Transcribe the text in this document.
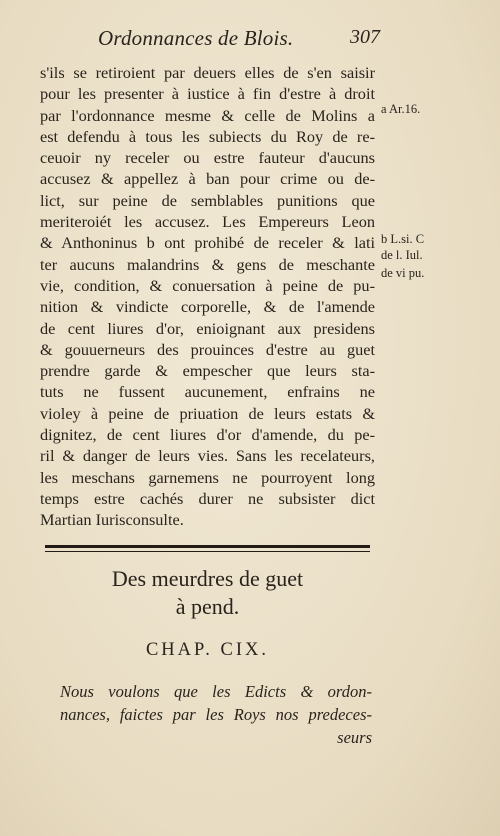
Ordonnances de Blois.	307
s'ils se retiroient par deuers elles de s'en saisir
pour les presenter à iustice à fin d'estre à droit
par l'ordonnance mesme & celle de Molins a
est defendu à tous les subiects du Roy de re-
ceuoir ny receler ou estre fauteur d'aucuns
accusez & appellez à ban pour crime ou de-
lict, sur peine de semblables punitions que
meriteroiét les accusez. Les Empereurs Leon
& Anthoninus b ont prohibé de receler & lati
ter aucuns malandrins & gens de meschante
vie, condition, & conuersation à peine de pu-
nition & vindicte corporelle, & de l'amende
de cent liures d'or, enioignant aux presidens
& gouuerneurs des prouinces d'estre au guet
prendre garde & empescher que leurs sta-
tuts ne fussent aucunement, enfrains ne
violey à peine de priuation de leurs estats &
dignitez, de cent liures d'or d'amende, du pe-
ril & danger de leurs vies. Sans les recelateurs,
les meschans garnemens ne pourroyent long
temps estre cachés durer ne subsister dict
Martian Iurisconsulte.
a Ar.16.
b L.si. C
de l. Iul.
de vi pu.
Des meurdres de guet
à pend.
CHAP. CIX.
Nous voulons que les Edicts & ordon-
nances, faictes par les Roys nos predeces-
seurs
